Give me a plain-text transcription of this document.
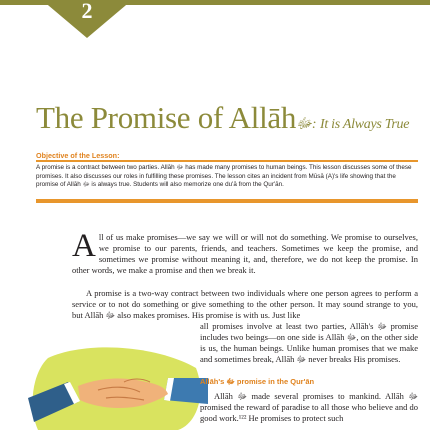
2
The Promise of Allāhﷻ: It is Always True
Objective of the Lesson:
A promise is a contract between two parties. Allāh ﷻ has made many promises to human beings. This lesson discusses some of these promises. It also discusses our roles in fulfilling these promises. The lesson cites an incident from Mūsā (A)'s life showing that the promise of Allāh ﷻ is always true. Students will also memorize one du'ā from the Qur'ān.
All of us make promises—we say we will or will not do something. We promise to ourselves, we promise to our parents, friends, and teachers. Sometimes we keep the promise, and sometimes we promise without meaning it, and, therefore, we do not keep the promise. In other words, we make a promise and then we break it.
A promise is a two-way contract between two individuals where one person agrees to perform a service or to not do something or give something to the other person. It may sound strange to you, but Allāh ﷻ also makes promises. His promise is with us. Just like
all promises involve at least two parties, Allāh's ﷻ promise includes two beings—on one side is Allāh ﷻ, on the other side is us, the human beings. Unlike human promises that we make and sometimes break, Allāh ﷻ never breaks His promises.
Allāh's ﷻ promise in the Qur'ān
Allāh ﷻ made several promises to mankind. Allāh ﷻ promised the reward of paradise to all those who believe and do good work.¹²² He promises to protect such
